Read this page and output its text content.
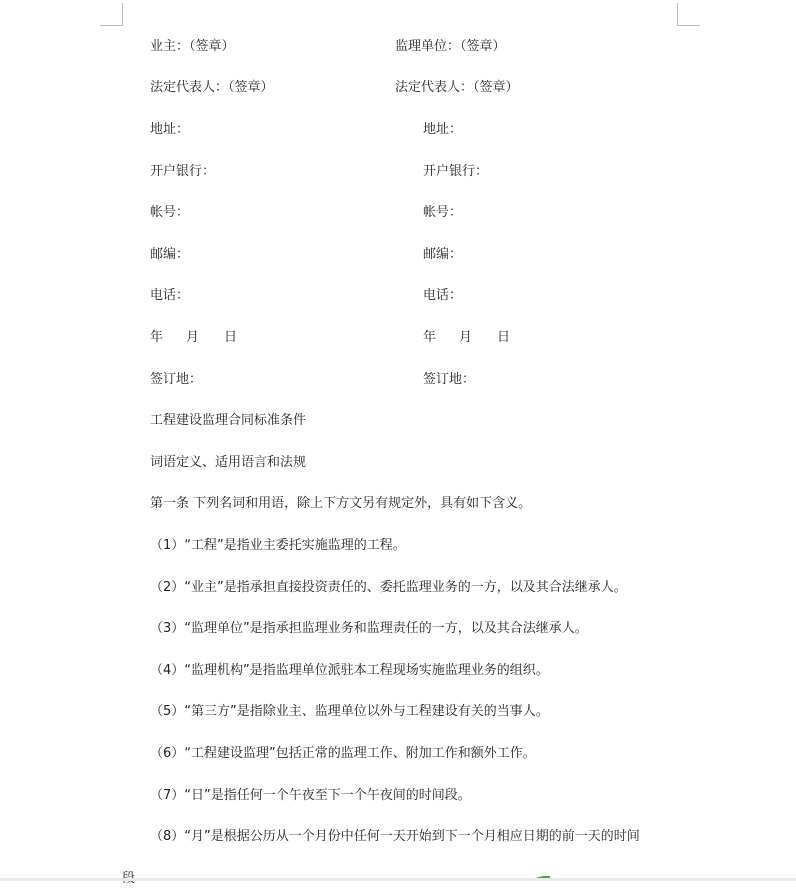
业主：（签章）	监理单位：（签章）
法定代表人：（签章）	法定代表人：（签章）
地址：	地址：
开户银行：	开户银行：
帐号：	帐号：
邮编：	邮编：
电话：	电话：
年 月 日	年 月 日
签订地：	签订地：
工程建设监理合同标准条件
词语定义、适用语言和法规
第一条 下列名词和用语，除上下方文另有规定外，具有如下含义。
（1）“工程”是指业主委托实施监理的工程。
（2）“业主”是指承担直接投资责任的、委托监理业务的一方，以及其合法继承人。
（3）“监理单位”是指承担监理业务和监理责任的一方，以及其合法继承人。
（4）“监理机构”是指监理单位派驻本工程现场实施监理业务的组织。
（5）“第三方”是指除业主、监理单位以外与工程建设有关的当事人。
（6）“工程建设监理”包括正常的监理工作、附加工作和额外工作。
（7）“日”是指任何一个午夜至下一个午夜间的时间段。
（8）“月”是根据公历从一个月份中任何一天开始到下一个月相应日期的前一天的时间
